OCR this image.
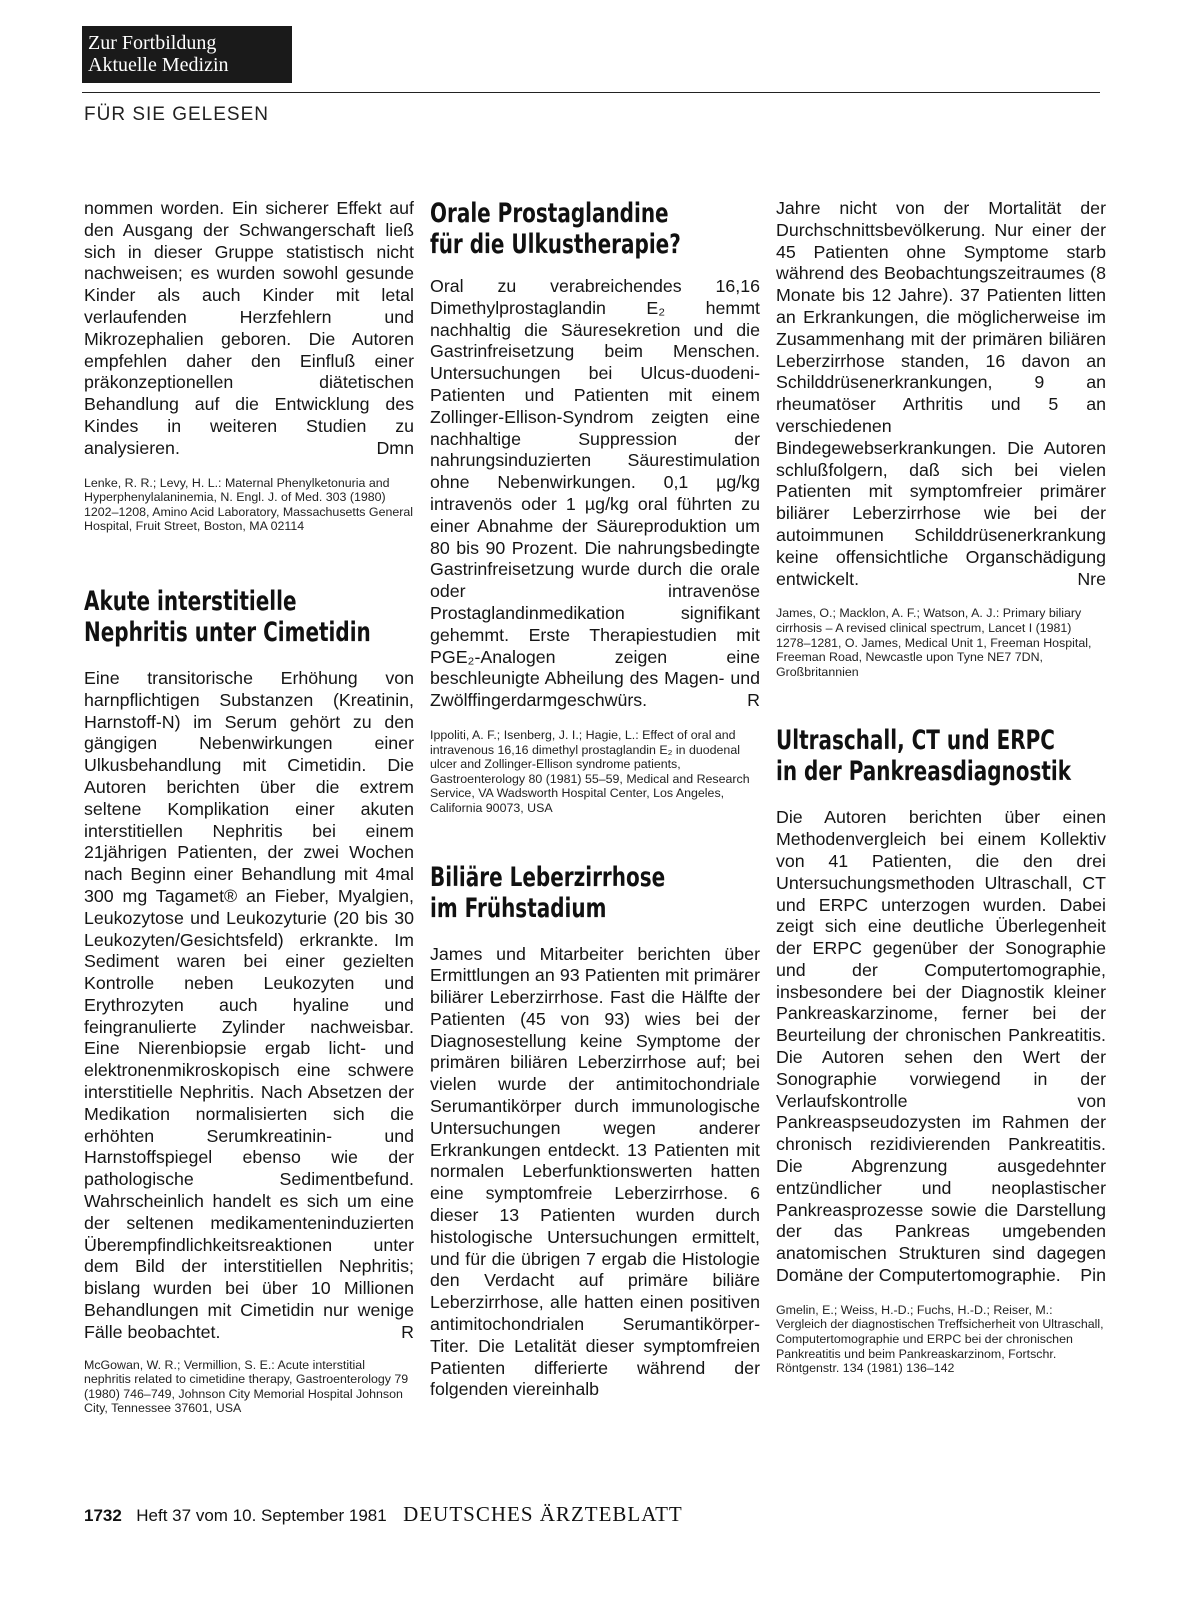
Zur Fortbildung
Aktuelle Medizin
FÜR SIE GELESEN
nommen worden. Ein sicherer Effekt auf den Ausgang der Schwangerschaft ließ sich in dieser Gruppe statistisch nicht nachweisen; es wurden sowohl gesunde Kinder als auch Kinder mit letal verlaufenden Herzfehlern und Mikrozephalien geboren. Die Autoren empfehlen daher den Einfluß einer präkonzeptionellen diätetischen Behandlung auf die Entwicklung des Kindes in weiteren Studien zu analysieren.	Dmn
Lenke, R. R.; Levy, H. L.: Maternal Phenylketonuria and Hyperphenylalaninemia, N. Engl. J. of Med. 303 (1980) 1202–1208, Amino Acid Laboratory, Massachusetts General Hospital, Fruit Street, Boston, MA 02114
Akute interstitielle
Nephritis unter Cimetidin
Eine transitorische Erhöhung von harnpflichtigen Substanzen (Kreatinin, Harnstoff-N) im Serum gehört zu den gängigen Nebenwirkungen einer Ulkusbehandlung mit Cimetidin. Die Autoren berichten über die extrem seltene Komplikation einer akuten interstitiellen Nephritis bei einem 21jährigen Patienten, der zwei Wochen nach Beginn einer Behandlung mit 4mal 300 mg Tagamet® an Fieber, Myalgien, Leukozytose und Leukozyturie (20 bis 30 Leukozyten/Gesichtsfeld) erkrankte. Im Sediment waren bei einer gezielten Kontrolle neben Leukozyten und Erythrozyten auch hyaline und feingranulierte Zylinder nachweisbar. Eine Nierenbiopsie ergab licht- und elektronenmikroskopisch eine schwere interstitielle Nephritis. Nach Absetzen der Medikation normalisierten sich die erhöhten Serumkreatinin- und Harnstoffspiegel ebenso wie der pathologische Sedimentbefund. Wahrscheinlich handelt es sich um eine der seltenen medikamenteninduzierten Überempfindlichkeitsreaktionen unter dem Bild der interstitiellen Nephritis; bislang wurden bei über 10 Millionen Behandlungen mit Cimetidin nur wenige Fälle beobachtet.	R
McGowan, W. R.; Vermillion, S. E.: Acute interstitial nephritis related to cimetidine therapy, Gastroenterology 79 (1980) 746–749, Johnson City Memorial Hospital Johnson City, Tennessee 37601, USA
Orale Prostaglandine
für die Ulkustherapie?
Oral zu verabreichendes 16,16 Dimethylprostaglandin E₂ hemmt nachhaltig die Säuresekretion und die Gastrinfreisetzung beim Menschen. Untersuchungen bei Ulcus-duodeni-Patienten und Patienten mit einem Zollinger-Ellison-Syndrom zeigten eine nachhaltige Suppression der nahrungsinduzierten Säurestimulation ohne Nebenwirkungen. 0,1 µg/kg intravenös oder 1 µg/kg oral führten zu einer Abnahme der Säureproduktion um 80 bis 90 Prozent. Die nahrungsbedingte Gastrinfreisetzung wurde durch die orale oder intravenöse Prostaglandinmedikation signifikant gehemmt. Erste Therapiestudien mit PGE₂-Analogen zeigen eine beschleunigte Abheilung des Magen- und Zwölffingerdarmgeschwürs.	R
Ippoliti, A. F.; Isenberg, J. I.; Hagie, L.: Effect of oral and intravenous 16,16 dimethyl prostaglandin E₂ in duodenal ulcer and Zollinger-Ellison syndrome patients, Gastroenterology 80 (1981) 55–59, Medical and Research Service, VA Wadsworth Hospital Center, Los Angeles, California 90073, USA
Biliäre Leberzirrhose
im Frühstadium
James und Mitarbeiter berichten über Ermittlungen an 93 Patienten mit primärer biliärer Leberzirrhose. Fast die Hälfte der Patienten (45 von 93) wies bei der Diagnosestellung keine Symptome der primären biliären Leberzirrhose auf; bei vielen wurde der antimitochondriale Serumantikörper durch immunologische Untersuchungen wegen anderer Erkrankungen entdeckt. 13 Patienten mit normalen Leberfunktionswerten hatten eine symptomfreie Leberzirrhose. 6 dieser 13 Patienten wurden durch histologische Untersuchungen ermittelt, und für die übrigen 7 ergab die Histologie den Verdacht auf primäre biliäre Leberzirrhose, alle hatten einen positiven antimitochondrialen Serumantikörper-Titer. Die Letalität dieser symptomfreien Patienten differierte während der folgenden viereinhalb
Jahre nicht von der Mortalität der Durchschnittsbevölkerung. Nur einer der 45 Patienten ohne Symptome starb während des Beobachtungszeitraumes (8 Monate bis 12 Jahre). 37 Patienten litten an Erkrankungen, die möglicherweise im Zusammenhang mit der primären biliären Leberzirrhose standen, 16 davon an Schilddrüsenerkrankungen, 9 an rheumatöser Arthritis und 5 an verschiedenen Bindegewebserkrankungen. Die Autoren schlußfolgern, daß sich bei vielen Patienten mit symptomfreier primärer biliärer Leberzirrhose wie bei der autoimmunen Schilddrüsenerkrankung keine offensichtliche Organschädigung entwickelt.	Nre
James, O.; Macklon, A. F.; Watson, A. J.: Primary biliary cirrhosis – A revised clinical spectrum, Lancet I (1981) 1278–1281, O. James, Medical Unit 1, Freeman Hospital, Freeman Road, Newcastle upon Tyne NE7 7DN, Großbritannien
Ultraschall, CT und ERPC
in der Pankreasdiagnostik
Die Autoren berichten über einen Methodenvergleich bei einem Kollektiv von 41 Patienten, die den drei Untersuchungsmethoden Ultraschall, CT und ERPC unterzogen wurden. Dabei zeigt sich eine deutliche Überlegenheit der ERPC gegenüber der Sonographie und der Computertomographie, insbesondere bei der Diagnostik kleiner Pankreaskarzinome, ferner bei der Beurteilung der chronischen Pankreatitis. Die Autoren sehen den Wert der Sonographie vorwiegend in der Verlaufskontrolle von Pankreaspseudozysten im Rahmen der chronisch rezidivierenden Pankreatitis. Die Abgrenzung ausgedehnter entzündlicher und neoplastischer Pankreasprozesse sowie die Darstellung der das Pankreas umgebenden anatomischen Strukturen sind dagegen Domäne der Computertomographie.	Pin
Gmelin, E.; Weiss, H.-D.; Fuchs, H.-D.; Reiser, M.: Vergleich der diagnostischen Treffsicherheit von Ultraschall, Computertomographie und ERPC bei der chronischen Pankreatitis und beim Pankreaskarzinom, Fortschr. Röntgenstr. 134 (1981) 136–142
1732 Heft 37 vom 10. September 1981 DEUTSCHES ÄRZTEBLATT
